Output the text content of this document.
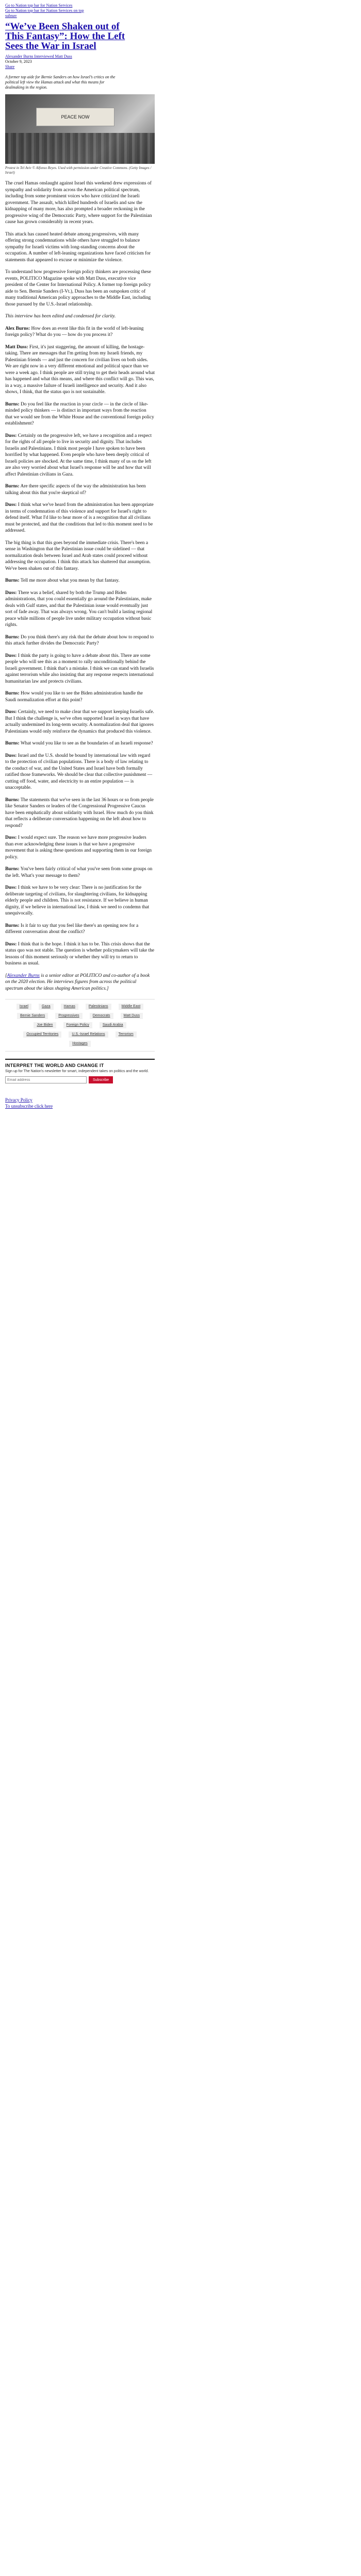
Go to Nation top bar for Nation Services
Go to Nation top bar for Nation Services on top subnav
“We’ve Been Shaken out of This Fantasy”: How the Left Sees the War in Israel
Alexander Burns Interviewed Matt Duss
October 9, 2023
Share
A former top aide for Bernie Sanders on how Israel’s critics on the political left view the Hamas attack and what this means for dealmaking in the region.
PEACE NOW
Protest in Tel Aviv © Alfonso Reyes. Used with permission under Creative Commons. (Getty Images / Israel)

The cruel Hamas onslaught against Israel this weekend drew expressions of sympathy and solidarity from across the American political spectrum, including from some prominent voices who have criticized the Israeli government. The assault, which killed hundreds of Israelis and saw the kidnapping of many more, has also prompted a broader reckoning in the progressive wing of the Democratic Party, where support for the Palestinian cause has grown considerably in recent years.

This attack has caused heated debate among progressives, with many offering strong condemnations while others have struggled to balance sympathy for Israeli victims with long-standing concerns about the occupation. A number of left-leaning organizations have faced criticism for statements that appeared to excuse or minimize the violence.

To understand how progressive foreign policy thinkers are processing these events, POLITICO Magazine spoke with Matt Duss, executive vice president of the Center for International Policy. A former top foreign policy aide to Sen. Bernie Sanders (I-Vt.), Duss has been an outspoken critic of many traditional American policy approaches to the Middle East, including those pursued by the U.S.-Israel relationship.

This interview has been edited and condensed for clarity.

Alex Burns: How does an event like this fit in the world of left-leaning foreign policy? What do you — how do you process it?

Matt Duss: First, it's just staggering, the amount of killing, the hostage-taking. There are messages that I'm getting from my Israeli friends, my Palestinian friends — and just the concern for civilian lives on both sides. We are right now in a very different emotional and political space than we were a week ago. I think people are still trying to get their heads around what has happened and what this means, and where this conflict will go. This was, in a way, a massive failure of Israeli intelligence and security. And it also shows, I think, that the status quo is not sustainable.

Burns: Do you feel like the reaction in your circle — in the circle of like-minded policy thinkers — is distinct in important ways from the reaction that we would see from the White House and the conventional foreign policy establishment?

Duss: Certainly on the progressive left, we have a recognition and a respect for the rights of all people to live in security and dignity. That includes Israelis and Palestinians. I think most people I have spoken to have been horrified by what happened. Even people who have been deeply critical of Israeli policies are shocked. At the same time, I think many of us on the left are also very worried about what Israel's response will be and how that will affect Palestinian civilians in Gaza.

Burns: Are there specific aspects of the way the administration has been talking about this that you're skeptical of?

Duss: I think what we've heard from the administration has been appropriate in terms of condemnation of this violence and support for Israel's right to defend itself. What I'd like to hear more of is a recognition that all civilians must be protected, and that the conditions that led to this moment need to be addressed.

The big thing is that this goes beyond the immediate crisis. There's been a sense in Washington that the Palestinian issue could be sidelined — that normalization deals between Israel and Arab states could proceed without addressing the occupation. I think this attack has shattered that assumption. We've been shaken out of this fantasy.

Burns: Tell me more about what you mean by that fantasy.

Duss: There was a belief, shared by both the Trump and Biden administrations, that you could essentially go around the Palestinians, make deals with Gulf states, and that the Palestinian issue would eventually just sort of fade away. That was always wrong. You can't build a lasting regional peace while millions of people live under military occupation without basic rights.

Burns: Do you think there's any risk that the debate about how to respond to this attack further divides the Democratic Party?

Duss: I think the party is going to have a debate about this. There are some people who will see this as a moment to rally unconditionally behind the Israeli government. I think that's a mistake. I think we can stand with Israelis against terrorism while also insisting that any response respects international humanitarian law and protects civilians.

Burns: How would you like to see the Biden administration handle the Saudi normalization effort at this point?

Duss: Certainly, we need to make clear that we support keeping Israelis safe. But I think the challenge is, we've often supported Israel in ways that have actually undermined its long-term security. A normalization deal that ignores Palestinians would only reinforce the dynamics that produced this violence.

Burns: What would you like to see as the boundaries of an Israeli response?

Duss: Israel and the U.S. should be bound by international law with regard to the protection of civilian populations. There is a body of law relating to the conduct of war, and the United States and Israel have both formally ratified those frameworks. We should be clear that collective punishment — cutting off food, water, and electricity to an entire population — is unacceptable.

Burns: The statements that we've seen in the last 36 hours or so from people like Senator Sanders or leaders of the Congressional Progressive Caucus have been emphatically about solidarity with Israel. How much do you think that reflects a deliberate conversation happening on the left about how to respond?

Duss: I would expect sure. The reason we have more progressive leaders than ever acknowledging these issues is that we have a progressive movement that is asking these questions and supporting them in our foreign policy.

Burns: You've been fairly critical of what you've seen from some groups on the left. What's your message to them?

Duss: I think we have to be very clear: There is no justification for the deliberate targeting of civilians, for slaughtering civilians, for kidnapping elderly people and children. This is not resistance. If we believe in human dignity, if we believe in international law, I think we need to condemn that unequivocally.

Burns: Is it fair to say that you feel like there's an opening now for a different conversation about the conflict?

Duss: I think that is the hope. I think it has to be. This crisis shows that the status quo was not stable. The question is whether policymakers will take the lessons of this moment seriously or whether they will try to return to business as usual.

[Alexander Burns is a senior editor at POLITICO and co-author of a book on the 2020 election. He interviews figures from across the political spectrum about the ideas shaping American politics.]

Israel	Gaza	Hamas	Palestinians	Middle East
Bernie Sanders	Progressives	Democrats	Matt Duss
Joe Biden	Foreign Policy	Saudi Arabia
Occupied Territories	U.S.-Israel Relations	Terrorism
Hostages
INTERPRET THE WORLD AND CHANGE IT
Sign up for The Nation's newsletter for smart, independent takes on politics and the world.
Email address
Subscribe
Privacy Policy
To unsubscribe click here
